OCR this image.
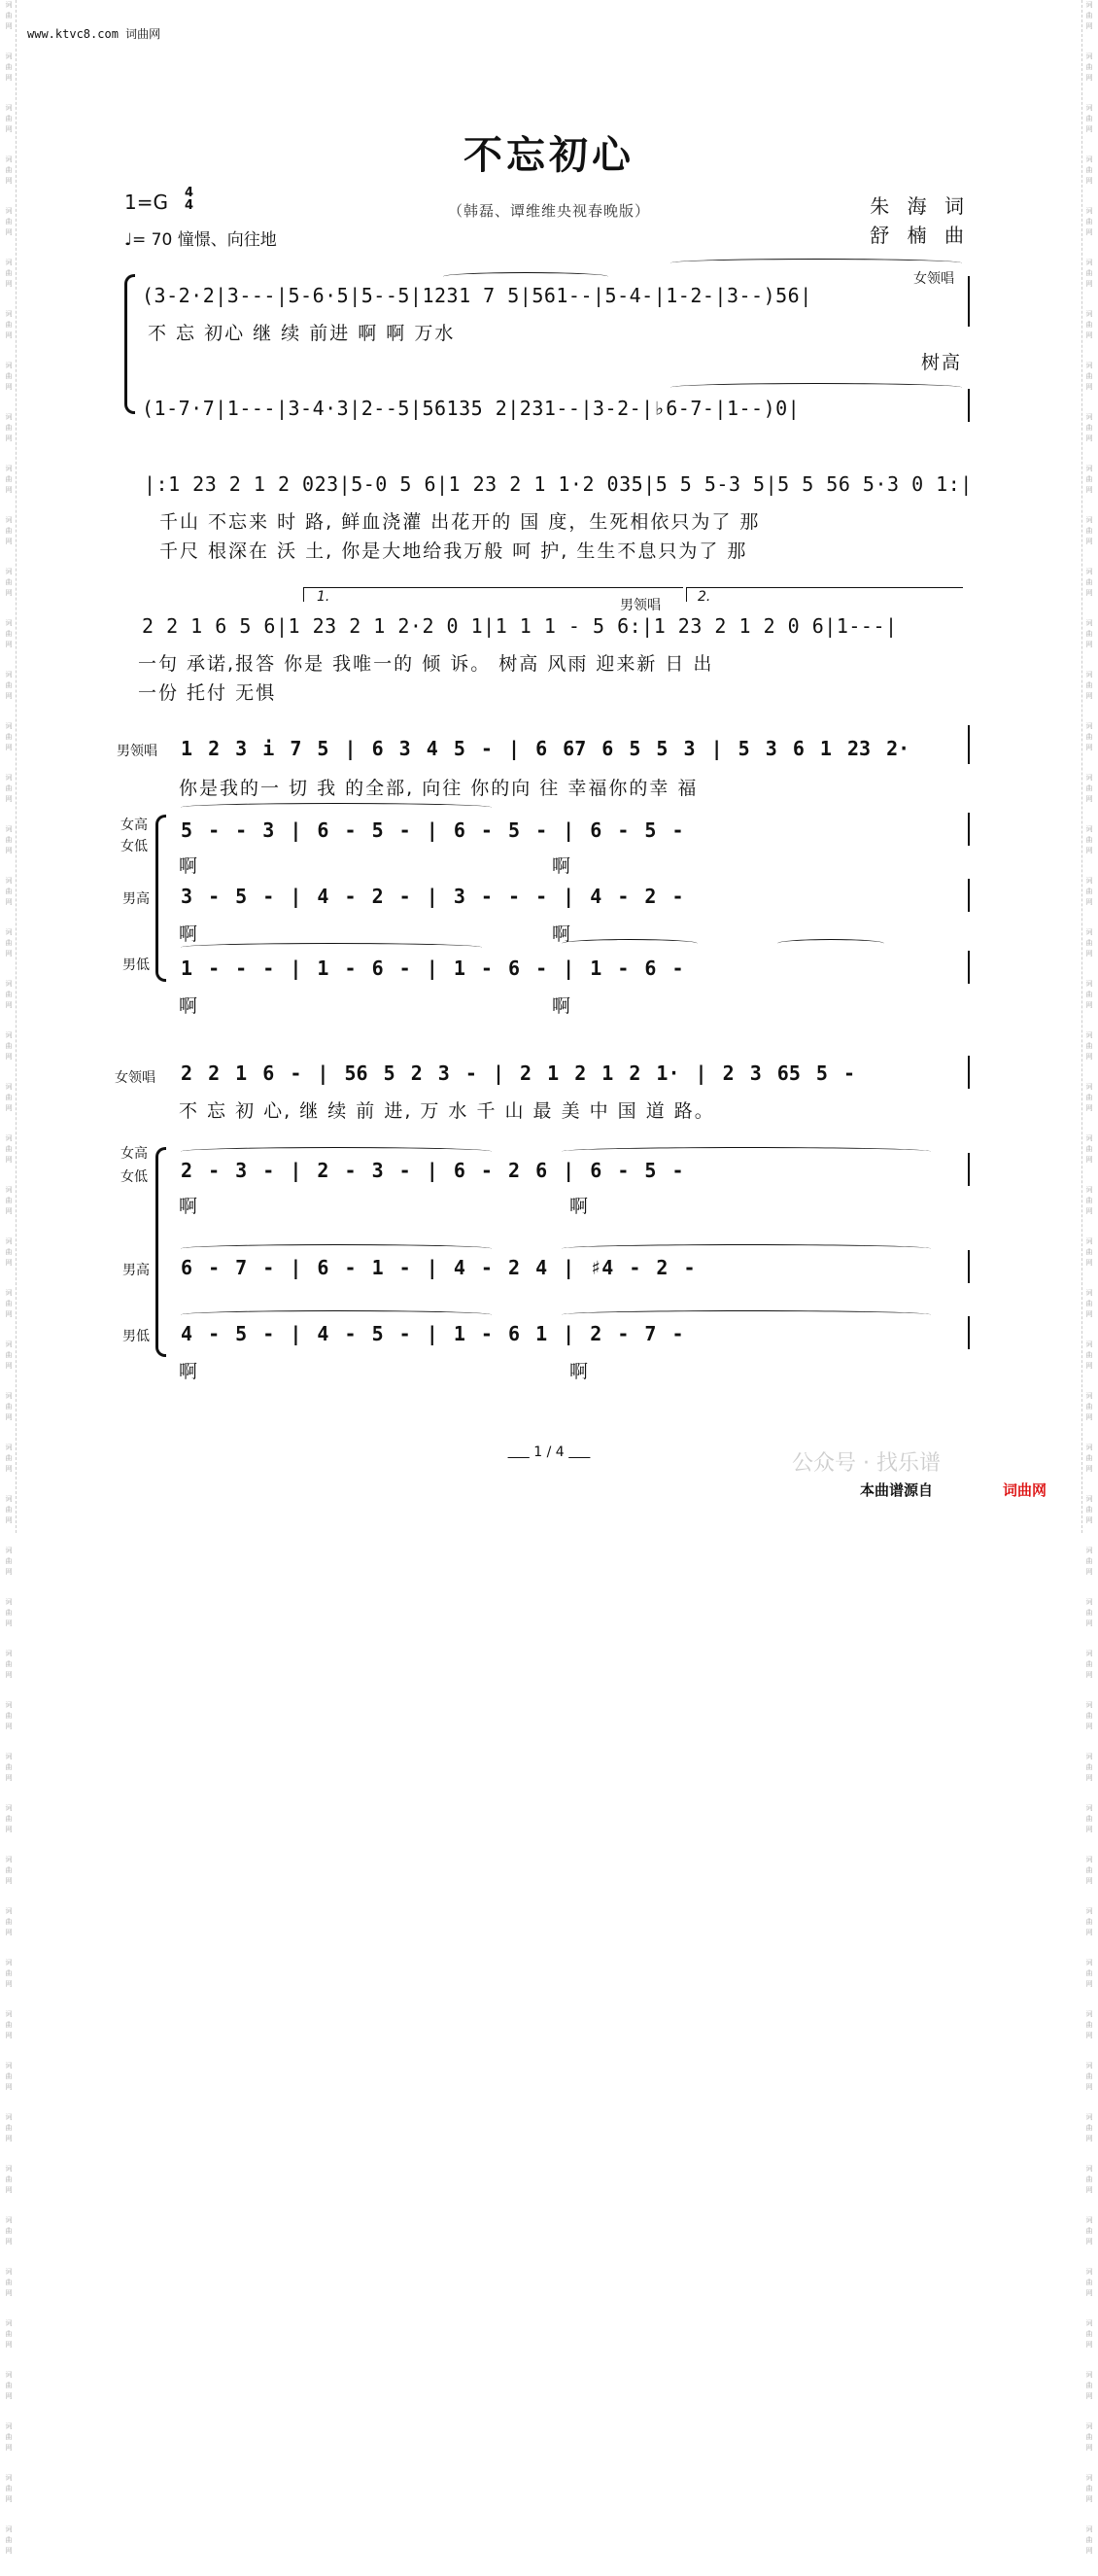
词
曲
网
词
曲
网
词
曲
网
词
曲
网
词
曲
网
词
曲
网
词
曲
网
词
曲
网
词
曲
网
词
曲
网
词
曲
网
词
曲
网
词
曲
网
词
曲
网
词
曲
网
词
曲
网
词
曲
网
词
曲
网
词
曲
网
词
曲
网
词
曲
网
词
曲
网
词
曲
网
词
曲
网
词
曲
网
词
曲
网
词
曲
网
词
曲
网
词
曲
网
词
曲
网
词
曲
网
词
曲
网
词
曲
网
词
曲
网
词
曲
网
词
曲
网
词
曲
网
词
曲
网
词
曲
网
词
曲
网
词
曲
网
词
曲
网
词
曲
网
词
曲
网
词
曲
网
词
曲
网
词
曲
网
词
曲
网
词
曲
网
词
曲
网
词
曲
网
词
曲
网
词
曲
网
词
曲
网
词
曲
网
词
曲
网
词
曲
网
词
曲
网
词
曲
网
词
曲
网
词
曲
网
词
曲
网
词
曲
网
词
曲
网
词
曲
网
词
曲
网
词
曲
网
词
曲
网
词
曲
网
词
曲
网
词
曲
网
词
曲
网
词
曲
网
词
曲
网
词
曲
网
词
曲
网
词
曲
网
词
曲
网
词
曲
网
词
曲
网
词
曲
网
词
曲
网
词
曲
网
词
曲
网
词
曲
网
词
曲
网
词
曲
网
词
曲
网
词
曲
网
词
曲
网
词
曲
网
词
曲
网
词
曲
网
词
曲
网
词
曲
网
词
曲
网
词
曲
网
词
曲
网
词
曲
网
词
曲
网
www.ktvc8.com 词曲网
不忘初心
（韩磊、谭维维央视春晚版）
1=G 4
4
♩= 70 憧憬、向往地
朱 海 词
舒 楠 曲
女领唱
(3-2·2|3---|5-6·5|5--5|1231 7 5|561--|5-4-|1-2-|3--)56|
不 忘 初心 继 续 前进 啊 啊 万水
树高
(1-7·7|1---|3-4·3|2--5|56135 2|231--|3-2-|♭6-7-|1--)0|
|:1 23 2 1 2 023|5-0 5 6|1 23 2 1 1·2 035|5 5 5-3 5|5 5 56 5·3 0 1:|
千山 不忘来 时 路, 鲜血浇灌 出花开的 国 度，生死相依只为了 那
千尺 根深在 沃 土, 你是大地给我万般 呵 护, 生生不息只为了 那
1.	2.
男领唱
2 2 1 6 5 6|1 23 2 1 2·2 0 1|1 1 1 - 5 6:|1 23 2 1 2 0 6|1---|
一句 承诺,报答 你是 我唯一的 倾 诉。 树高 风雨 迎来新 日 出
一份 托付 无惧
男领唱 1 2 3 i 7 5 | 6 3 4 5 - | 6 67 6 5 5 3 | 5 3 6 1 23 2·
你是我的一 切 我 的全部, 向往 你的向 往 幸福你的幸 福
女高
女低
5 - - 3 | 6 - 5 - | 6 - 5 - | 6 - 5 -
啊	啊
男高 3 - 5 - | 4 - 2 - | 3 - - - | 4 - 2 -
啊	啊
男低 1 - - - | 1 - 6 - | 1 - 6 - | 1 - 6 -
啊	啊
女领唱 2 2 1 6 - | 56 5 2 3 - | 2 1 2 1 2 1· | 2 3 65 5 -
不 忘 初 心, 继 续 前 进, 万 水 千 山 最 美 中 国 道 路。
女高
女低 2 - 3 - | 2 - 3 - | 6 - 2 6 | 6 - 5 -
啊	啊
男高 6 - 7 - | 6 - 1 - | 4 - 2 4 | ♯4 - 2 -
男低 4 - 5 - | 4 - 5 - | 1 - 6 1 | 2 - 7 -
啊	啊
1 / 4	公众号 · 找乐谱
本曲谱源自	词曲网
